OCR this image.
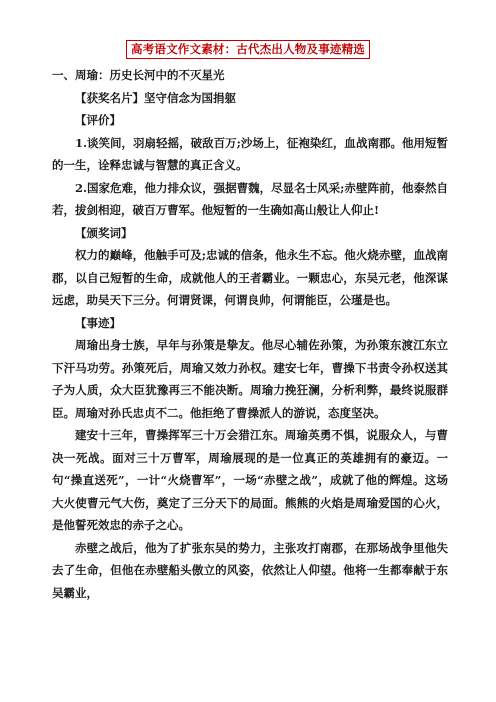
高考语文作文素材：古代杰出人物及事迹精选

一、周瑜：历史长河中的不灭星光

【获奖名片】坚守信念为国捐躯

【评价】

1.谈笑间，羽扇轻摇，破敌百万;沙场上，征袍染红，血战南郡。他用短暂的一生，诠释忠诚与智慧的真正含义。

2.国家危难，他力排众议，强据曹魏，尽显名士风采;赤壁阵前，他泰然自若，拔剑相迎，破百万曹军。他短暂的一生确如高山般让人仰止!

【颁奖词】

权力的巅峰，他触手可及;忠诚的信条，他永生不忘。他火烧赤壁，血战南郡，以自己短暂的生命，成就他人的王者霸业。一颗忠心，东吴元老，他深谋远虑，助吴天下三分。何谓贤课，何谓良帅，何谓能臣，公瑾是也。

【事迹】

周瑜出身士族，早年与孙策是挚友。他尽心辅佐孙策，为孙策东渡江东立下汗马功劳。孙策死后，周瑜又效力孙权。建安七年，曹操下书责令孙权送其子为人质，众大臣犹豫再三不能决断。周瑜力挽狂澜，分析利弊，最终说服群臣。周瑜对孙氏忠贞不二。他拒绝了曹操派人的游说，态度坚决。

建安十三年，曹操挥军三十万会猎江东。周瑜英勇不惧，说服众人，与曹决一死战。面对三十万曹军，周瑜展现的是一位真正的英雄拥有的豪迈。一句“操直送死”，一计“火烧曹军”，一场“赤壁之战”，成就了他的辉煌。这场大火使曹元气大伤，奠定了三分天下的局面。熊熊的火焰是周瑜爱国的心火，是他誓死效忠的赤子之心。

赤壁之战后，他为了扩张东吴的势力，主张攻打南郡，在那场战争里他失去了生命，但他在赤壁船头傲立的风姿，依然让人仰望。他将一生都奉献于东吴霸业，
